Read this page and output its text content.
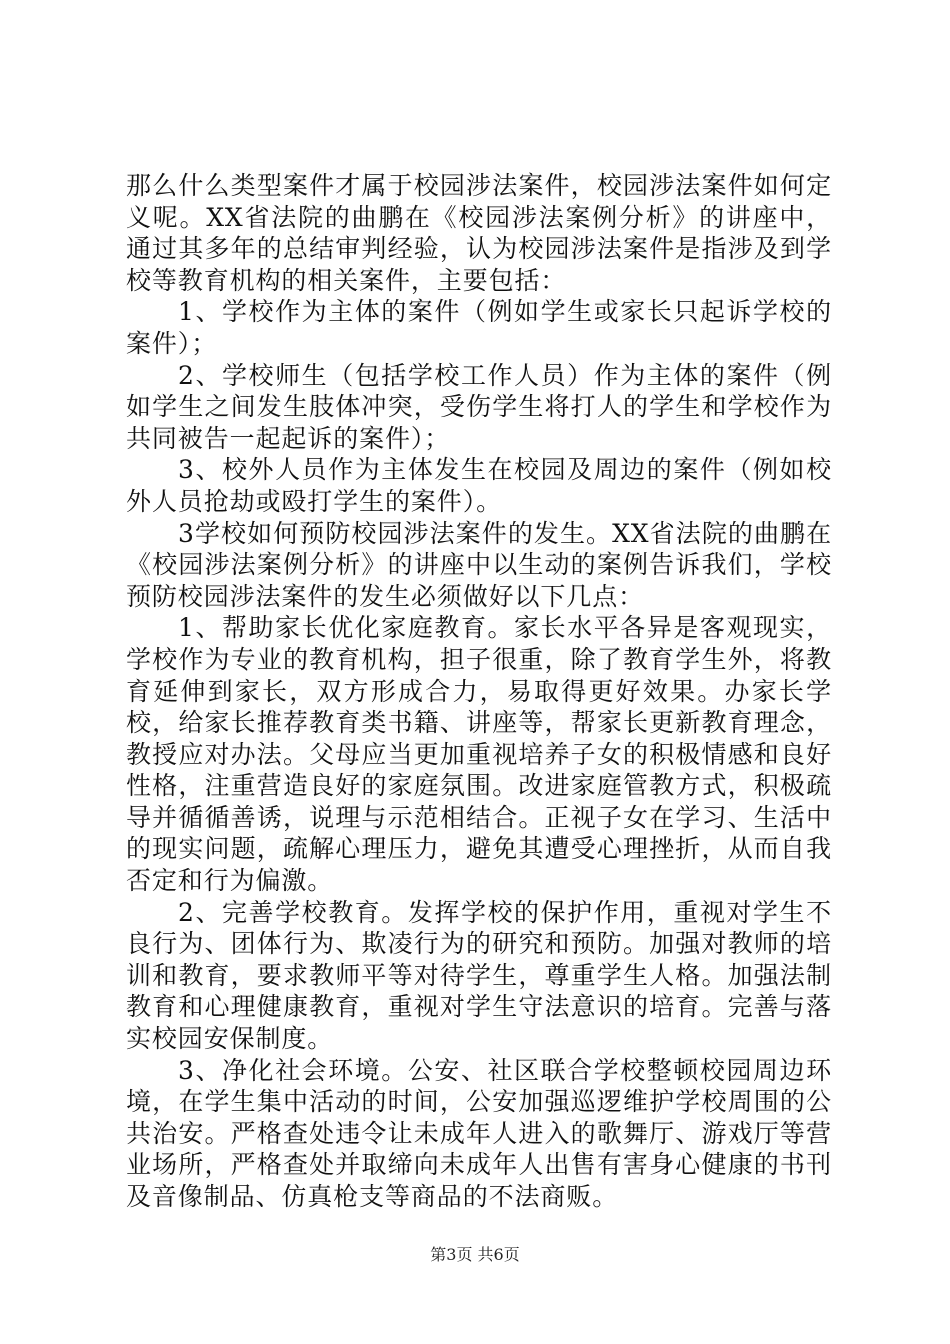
那么什么类型案件才属于校园涉法案件，校园涉法案件如何定义呢。XX省法院的曲鹏在《校园涉法案例分析》的讲座中，通过其多年的总结审判经验，认为校园涉法案件是指涉及到学校等教育机构的相关案件，主要包括：

1、学校作为主体的案件（例如学生或家长只起诉学校的案件）；

2、学校师生（包括学校工作人员）作为主体的案件（例如学生之间发生肢体冲突，受伤学生将打人的学生和学校作为共同被告一起起诉的案件）；

3、校外人员作为主体发生在校园及周边的案件（例如校外人员抢劫或殴打学生的案件）。

3学校如何预防校园涉法案件的发生。XX省法院的曲鹏在《校园涉法案例分析》的讲座中以生动的案例告诉我们，学校预防校园涉法案件的发生必须做好以下几点：

1、帮助家长优化家庭教育。家长水平各异是客观现实，学校作为专业的教育机构，担子很重，除了教育学生外，将教育延伸到家长，双方形成合力，易取得更好效果。办家长学校，给家长推荐教育类书籍、讲座等，帮家长更新教育理念，教授应对办法。父母应当更加重视培养子女的积极情感和良好性格，注重营造良好的家庭氛围。改进家庭管教方式，积极疏导并循循善诱，说理与示范相结合。正视子女在学习、生活中的现实问题，疏解心理压力，避免其遭受心理挫折，从而自我否定和行为偏激。

2、完善学校教育。发挥学校的保护作用，重视对学生不良行为、团体行为、欺凌行为的研究和预防。加强对教师的培训和教育，要求教师平等对待学生，尊重学生人格。加强法制教育和心理健康教育，重视对学生守法意识的培育。完善与落实校园安保制度。

3、净化社会环境。公安、社区联合学校整顿校园周边环境，在学生集中活动的时间，公安加强巡逻维护学校周围的公共治安。严格查处违令让未成年人进入的歌舞厅、游戏厅等营业场所，严格查处并取缔向未成年人出售有害身心健康的书刊及音像制品、仿真枪支等商品的不法商贩。

第3页 共6页
